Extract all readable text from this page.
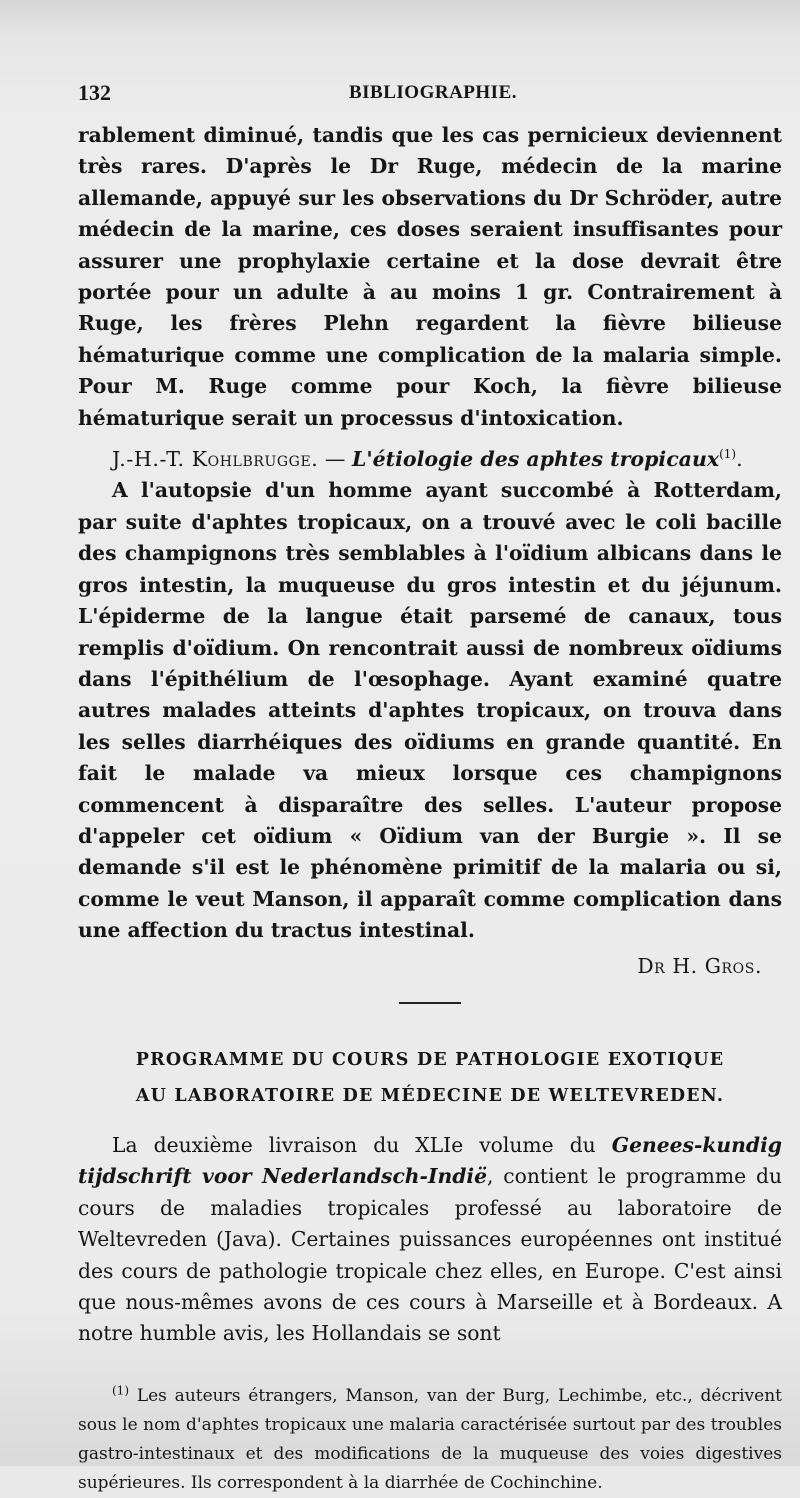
132	BIBLIOGRAPHIE.

rablement diminué, tandis que les cas pernicieux deviennent très rares. D'après le Dr Ruge, médecin de la marine allemande, appuyé sur les observations du Dr Schröder, autre médecin de la marine, ces doses seraient insuffisantes pour assurer une prophylaxie certaine et la dose devrait être portée pour un adulte à au moins 1 gr. Contrairement à Ruge, les frères Plehn regardent la fièvre bilieuse hématurique comme une complication de la malaria simple. Pour M. Ruge comme pour Koch, la fièvre bilieuse hématurique serait un processus d'intoxication.

J.-H.-T. Kohlbrugge. — L'étiologie des aphtes tropicaux$^{(1)}$.

A l'autopsie d'un homme ayant succombé à Rotterdam, par suite d'aphtes tropicaux, on a trouvé avec le coli bacille des champignons très semblables à l'oïdium albicans dans le gros intestin, la muqueuse du gros intestin et du jéjunum. L'épiderme de la langue était parsemé de canaux, tous remplis d'oïdium. On rencontrait aussi de nombreux oïdiums dans l'épithélium de l'œsophage. Ayant examiné quatre autres malades atteints d'aphtes tropicaux, on trouva dans les selles diarrhéiques des oïdiums en grande quantité. En fait le malade va mieux lorsque ces champignons commencent à disparaître des selles. L'auteur propose d'appeler cet oïdium « Oïdium van der Burgie ». Il se demande s'il est le phénomène primitif de la malaria ou si, comme le veut Manson, il apparaît comme complication dans une affection du tractus intestinal.

Dr H. Gros.

PROGRAMME DU COURS DE PATHOLOGIE EXOTIQUE

AU LABORATOIRE DE MÉDECINE DE WELTEVREDEN.

La deuxième livraison du XLIe volume du Genees-kundig tijdschrift voor Nederlandsch-Indië, contient le programme du cours de maladies tropicales professé au laboratoire de Weltevreden (Java). Certaines puissances européennes ont institué des cours de pathologie tropicale chez elles, en Europe. C'est ainsi que nous-mêmes avons de ces cours à Marseille et à Bordeaux. A notre humble avis, les Hollandais se sont

$^{(1)}$ Les auteurs étrangers, Manson, van der Burg, Lechimbe, etc., décrivent sous le nom d'aphtes tropicaux une malaria caractérisée surtout par des troubles gastro-intestinaux et des modifications de la muqueuse des voies digestives supérieures. Ils correspondent à la diarrhée de Cochinchine.
